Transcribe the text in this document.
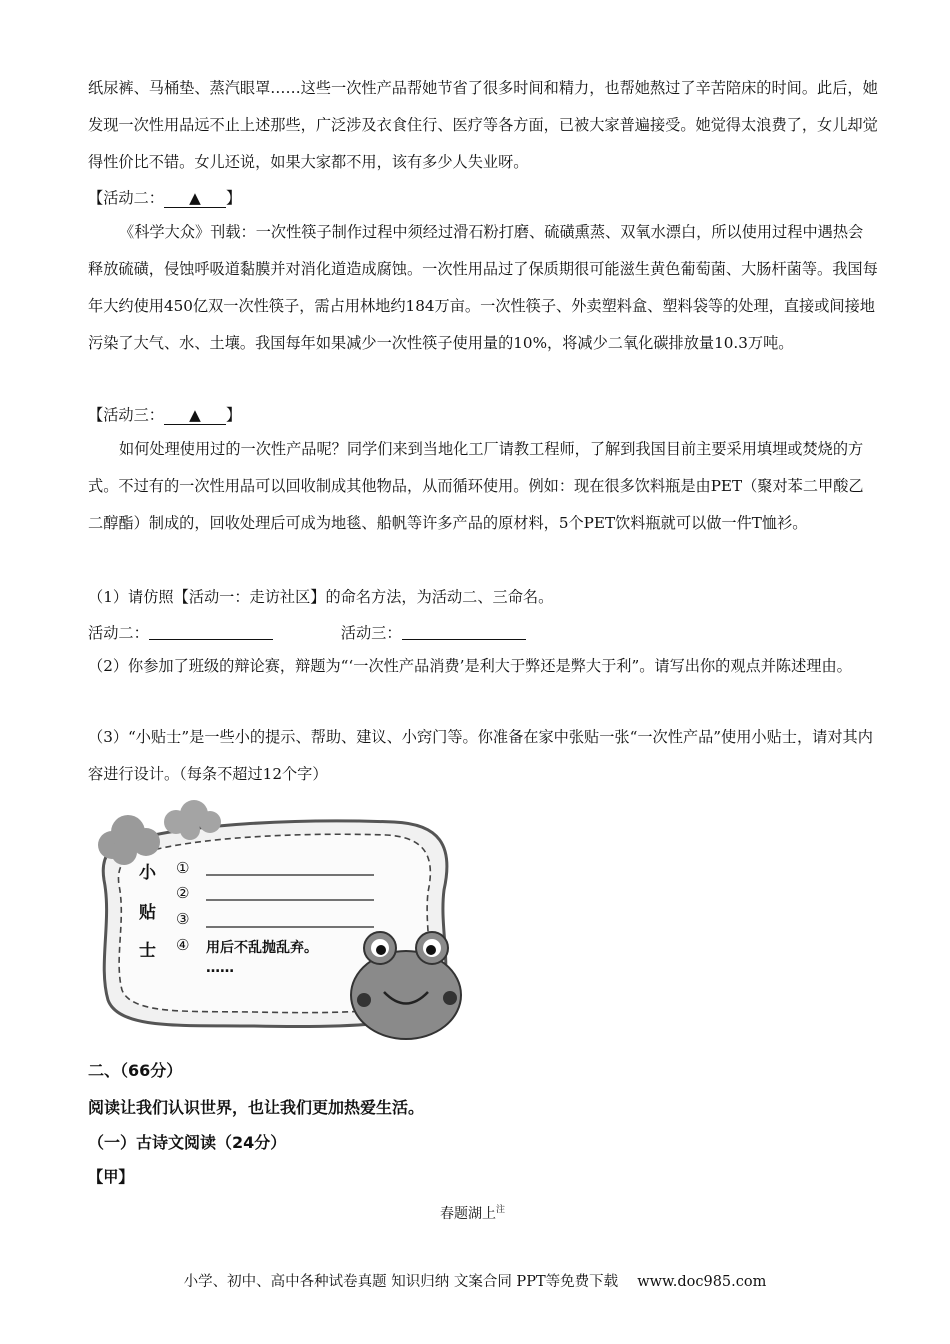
纸尿裤、马桶垫、蒸汽眼罩……这些一次性产品帮她节省了很多时间和精力，也帮她熬过了辛苦陪床的时间。此后，她发现一次性用品远不止上述那些，广泛涉及衣食住行、医疗等各方面，已被大家普遍接受。她觉得太浪费了，女儿却觉得性价比不错。女儿还说，如果大家都不用，该有多少人失业呀。

【活动二： ▲ 】

《科学大众》刊载：一次性筷子制作过程中须经过滑石粉打磨、硫磺熏蒸、双氧水漂白，所以使用过程中遇热会释放硫磺，侵蚀呼吸道黏膜并对消化道造成腐蚀。一次性用品过了保质期很可能滋生黄色葡萄菌、大肠杆菌等。我国每年大约使用450亿双一次性筷子，需占用林地约184万亩。一次性筷子、外卖塑料盒、塑料袋等的处理，直接或间接地污染了大气、水、土壤。我国每年如果减少一次性筷子使用量的10%，将减少二氧化碳排放量10.3万吨。

【活动三： ▲ 】

如何处理使用过的一次性产品呢？同学们来到当地化工厂请教工程师，了解到我国目前主要采用填埋或焚烧的方式。不过有的一次性用品可以回收制成其他物品，从而循环使用。例如：现在很多饮料瓶是由PET（聚对苯二甲酸乙二醇酯）制成的，回收处理后可成为地毯、船帆等许多产品的原材料，5个PET饮料瓶就可以做一件T恤衫。

（1）请仿照【活动一：走访社区】的命名方法，为活动二、三命名。

活动二：	活动三：

（2）你参加了班级的辩论赛，辩题为“‘一次性产品消费’是利大于弊还是弊大于利”。请写出你的观点并陈述理由。

（3）“小贴士”是一些小的提示、帮助、建议、小窍门等。你准备在家中张贴一张“一次性产品”使用小贴士，请对其内容进行设计。（每条不超过12个字）

小
贴
士
①
②
③
④ 用后不乱抛乱弃。
……

二、（66分）

阅读让我们认识世界，也让我们更加热爱生活。

（一）古诗文阅读（24分）

【甲】

春题湖上$^注$

小学、初中、高中各种试卷真题 知识归纳 文案合同 PPT等免费下载　 www.doc985.com
